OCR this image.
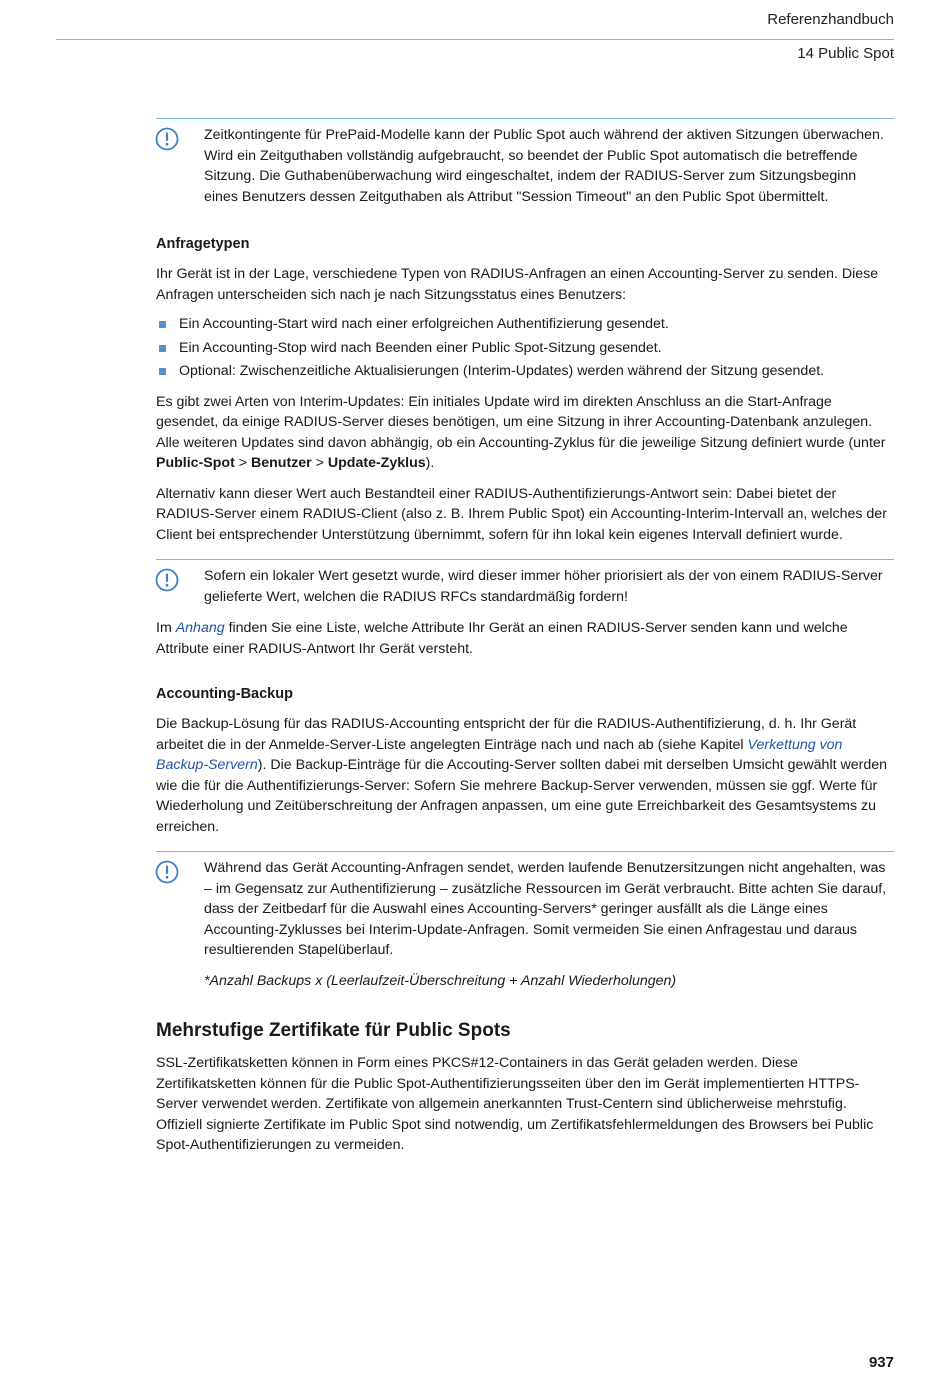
Referenzhandbuch
14 Public Spot

Zeitkontingente für PrePaid-Modelle kann der Public Spot auch während der aktiven Sitzungen überwachen. Wird ein Zeitguthaben vollständig aufgebraucht, so beendet der Public Spot automatisch die betreffende Sitzung. Die Guthabenüberwachung wird eingeschaltet, indem der RADIUS-Server zum Sitzungsbeginn eines Benutzers dessen Zeitguthaben als Attribut "Session Timeout" an den Public Spot übermittelt.

Anfragetypen

Ihr Gerät ist in der Lage, verschiedene Typen von RADIUS-Anfragen an einen Accounting-Server zu senden. Diese Anfragen unterscheiden sich nach je nach Sitzungsstatus eines Benutzers:

Ein Accounting-Start wird nach einer erfolgreichen Authentifizierung gesendet.
Ein Accounting-Stop wird nach Beenden einer Public Spot-Sitzung gesendet.
Optional: Zwischenzeitliche Aktualisierungen (Interim-Updates) werden während der Sitzung gesendet.

Es gibt zwei Arten von Interim-Updates: Ein initiales Update wird im direkten Anschluss an die Start-Anfrage gesendet, da einige RADIUS-Server dieses benötigen, um eine Sitzung in ihrer Accounting-Datenbank anzulegen. Alle weiteren Updates sind davon abhängig, ob ein Accounting-Zyklus für die jeweilige Sitzung definiert wurde (unter Public-Spot > Benutzer > Update-Zyklus).

Alternativ kann dieser Wert auch Bestandteil einer RADIUS-Authentifizierungs-Antwort sein: Dabei bietet der RADIUS-Server einem RADIUS-Client (also z. B. Ihrem Public Spot) ein Accounting-Interim-Intervall an, welches der Client bei entsprechender Unterstützung übernimmt, sofern für ihn lokal kein eigenes Intervall definiert wurde.

Sofern ein lokaler Wert gesetzt wurde, wird dieser immer höher priorisiert als der von einem RADIUS-Server gelieferte Wert, welchen die RADIUS RFCs standardmäßig fordern!

Im Anhang finden Sie eine Liste, welche Attribute Ihr Gerät an einen RADIUS-Server senden kann und welche Attribute einer RADIUS-Antwort Ihr Gerät versteht.

Accounting-Backup

Die Backup-Lösung für das RADIUS-Accounting entspricht der für die RADIUS-Authentifizierung, d. h. Ihr Gerät arbeitet die in der Anmelde-Server-Liste angelegten Einträge nach und nach ab (siehe Kapitel Verkettung von Backup-Servern). Die Backup-Einträge für die Accouting-Server sollten dabei mit derselben Umsicht gewählt werden wie die für die Authentifizierungs-Server: Sofern Sie mehrere Backup-Server verwenden, müssen sie ggf. Werte für Wiederholung und Zeitüberschreitung der Anfragen anpassen, um eine gute Erreichbarkeit des Gesamtsystems zu erreichen.

Während das Gerät Accounting-Anfragen sendet, werden laufende Benutzersitzungen nicht angehalten, was – im Gegensatz zur Authentifizierung – zusätzliche Ressourcen im Gerät verbraucht. Bitte achten Sie darauf, dass der Zeitbedarf für die Auswahl eines Accounting-Servers* geringer ausfällt als die Länge eines Accounting-Zyklusses bei Interim-Update-Anfragen. Somit vermeiden Sie einen Anfragestau und daraus resultierenden Stapelüberlauf.

*Anzahl Backups x (Leerlaufzeit-Überschreitung + Anzahl Wiederholungen)

Mehrstufige Zertifikate für Public Spots

SSL-Zertifikatsketten können in Form eines PKCS#12-Containers in das Gerät geladen werden. Diese Zertifikatsketten können für die Public Spot-Authentifizierungsseiten über den im Gerät implementierten HTTPS-Server verwendet werden. Zertifikate von allgemein anerkannten Trust-Centern sind üblicherweise mehrstufig. Offiziell signierte Zertifikate im Public Spot sind notwendig, um Zertifikatsfehlermeldungen des Browsers bei Public Spot-Authentifizierungen zu vermeiden.

937
